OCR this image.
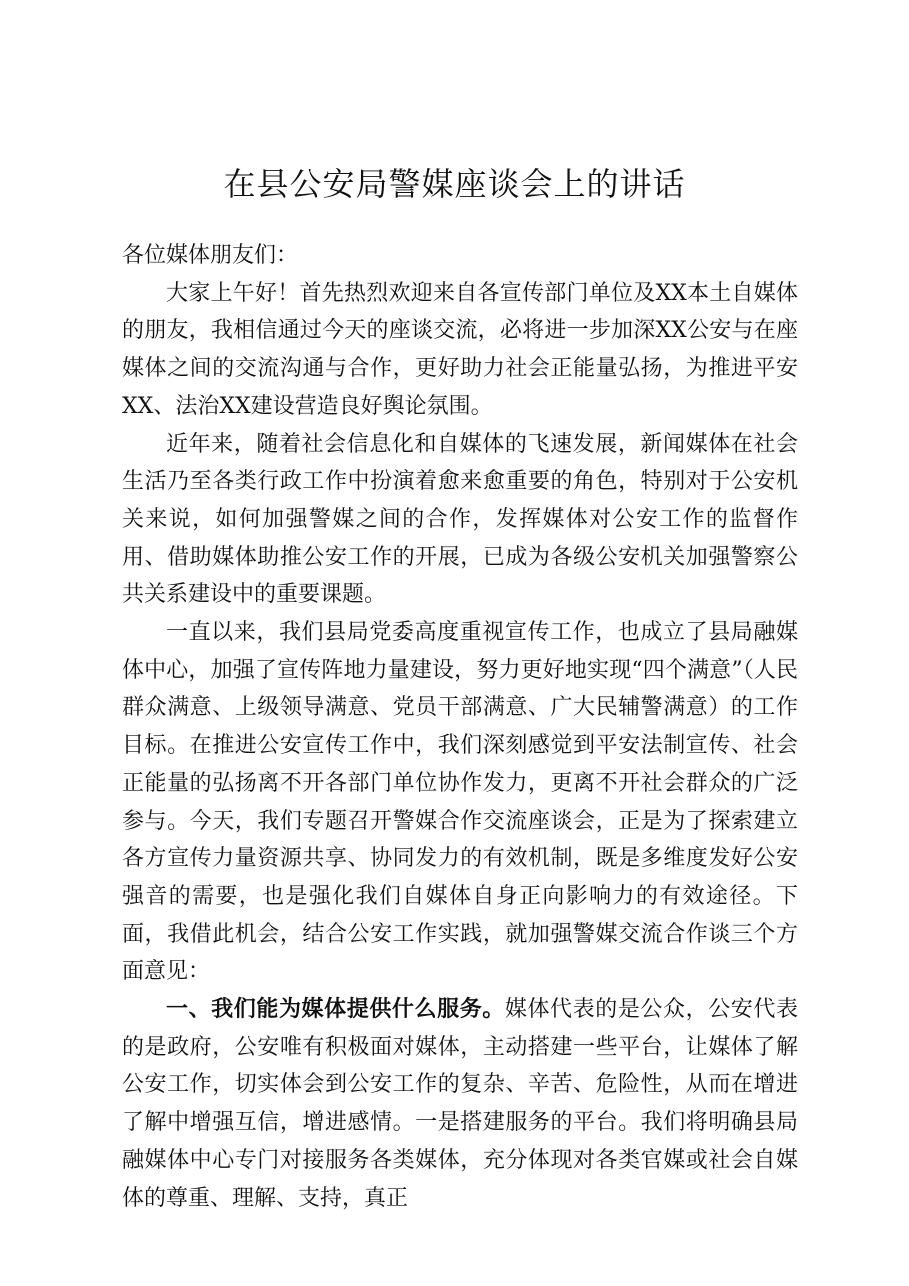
在县公安局警媒座谈会上的讲话

各位媒体朋友们：

大家上午好！首先热烈欢迎来自各宣传部门单位及XX本土自媒体的朋友，我相信通过今天的座谈交流，必将进一步加深XX公安与在座媒体之间的交流沟通与合作，更好助力社会正能量弘扬，为推进平安XX、法治XX建设营造良好舆论氛围。

近年来，随着社会信息化和自媒体的飞速发展，新闻媒体在社会生活乃至各类行政工作中扮演着愈来愈重要的角色，特别对于公安机关来说，如何加强警媒之间的合作，发挥媒体对公安工作的监督作用、借助媒体助推公安工作的开展，已成为各级公安机关加强警察公共关系建设中的重要课题。

一直以来，我们县局党委高度重视宣传工作，也成立了县局融媒体中心，加强了宣传阵地力量建设，努力更好地实现“四个满意”（人民群众满意、上级领导满意、党员干部满意、广大民辅警满意）的工作目标。在推进公安宣传工作中，我们深刻感觉到平安法制宣传、社会正能量的弘扬离不开各部门单位协作发力，更离不开社会群众的广泛参与。今天，我们专题召开警媒合作交流座谈会，正是为了探索建立各方宣传力量资源共享、协同发力的有效机制，既是多维度发好公安强音的需要，也是强化我们自媒体自身正向影响力的有效途径。下面，我借此机会，结合公安工作实践，就加强警媒交流合作谈三个方面意见：

一、我们能为媒体提供什么服务。媒体代表的是公众，公安代表的是政府，公安唯有积极面对媒体，主动搭建一些平台，让媒体了解公安工作，切实体会到公安工作的复杂、辛苦、危险性，从而在增进了解中增强互信，增进感情。一是搭建服务的平台。我们将明确县局融媒体中心专门对接服务各类媒体，充分体现对各类官媒或社会自媒体的尊重、理解、支持，真正
